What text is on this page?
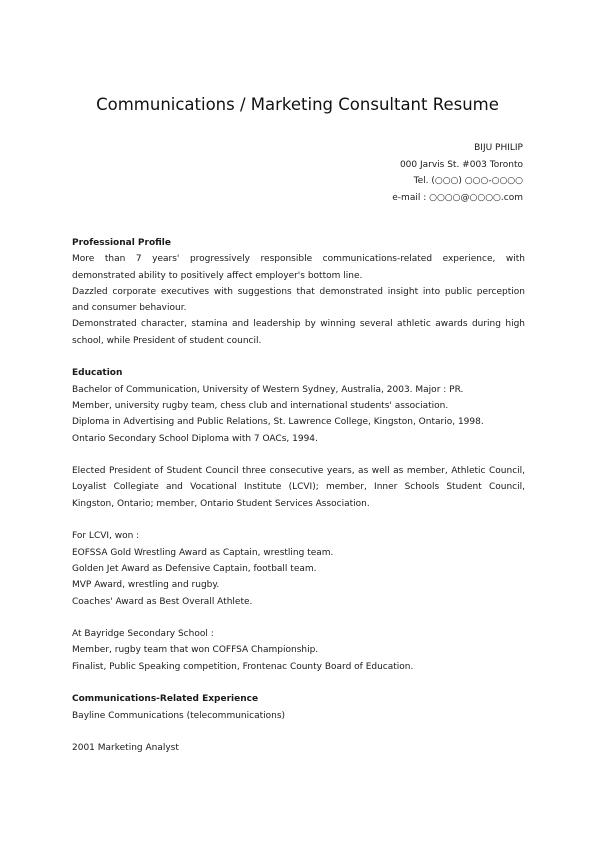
Communications / Marketing Consultant Resume
BIJU PHILIP
000 Jarvis St. #003 Toronto
Tel. (○○○) ○○○-○○○○
e-mail : ○○○○@○○○○.com
Professional Profile
More than 7 years' progressively responsible communications-related experience, with demonstrated ability to positively affect employer's bottom line.
Dazzled corporate executives with suggestions that demonstrated insight into public perception and consumer behaviour.
Demonstrated character, stamina and leadership by winning several athletic awards during high school, while President of student council.
Education
Bachelor of Communication, University of Western Sydney, Australia, 2003. Major : PR.
Member, university rugby team, chess club and international students' association.
Diploma in Advertising and Public Relations, St. Lawrence College, Kingston, Ontario, 1998.
Ontario Secondary School Diploma with 7 OACs, 1994.
Elected President of Student Council three consecutive years, as well as member, Athletic Council, Loyalist Collegiate and Vocational Institute (LCVI); member, Inner Schools Student Council, Kingston, Ontario; member, Ontario Student Services Association.
For LCVI, won :
EOFSSA Gold Wrestling Award as Captain, wrestling team.
Golden Jet Award as Defensive Captain, football team.
MVP Award, wrestling and rugby.
Coaches' Award as Best Overall Athlete.
At Bayridge Secondary School :
Member, rugby team that won COFFSA Championship.
Finalist, Public Speaking competition, Frontenac County Board of Education.
Communications-Related Experience
Bayline Communications (telecommunications)
2001 Marketing Analyst
